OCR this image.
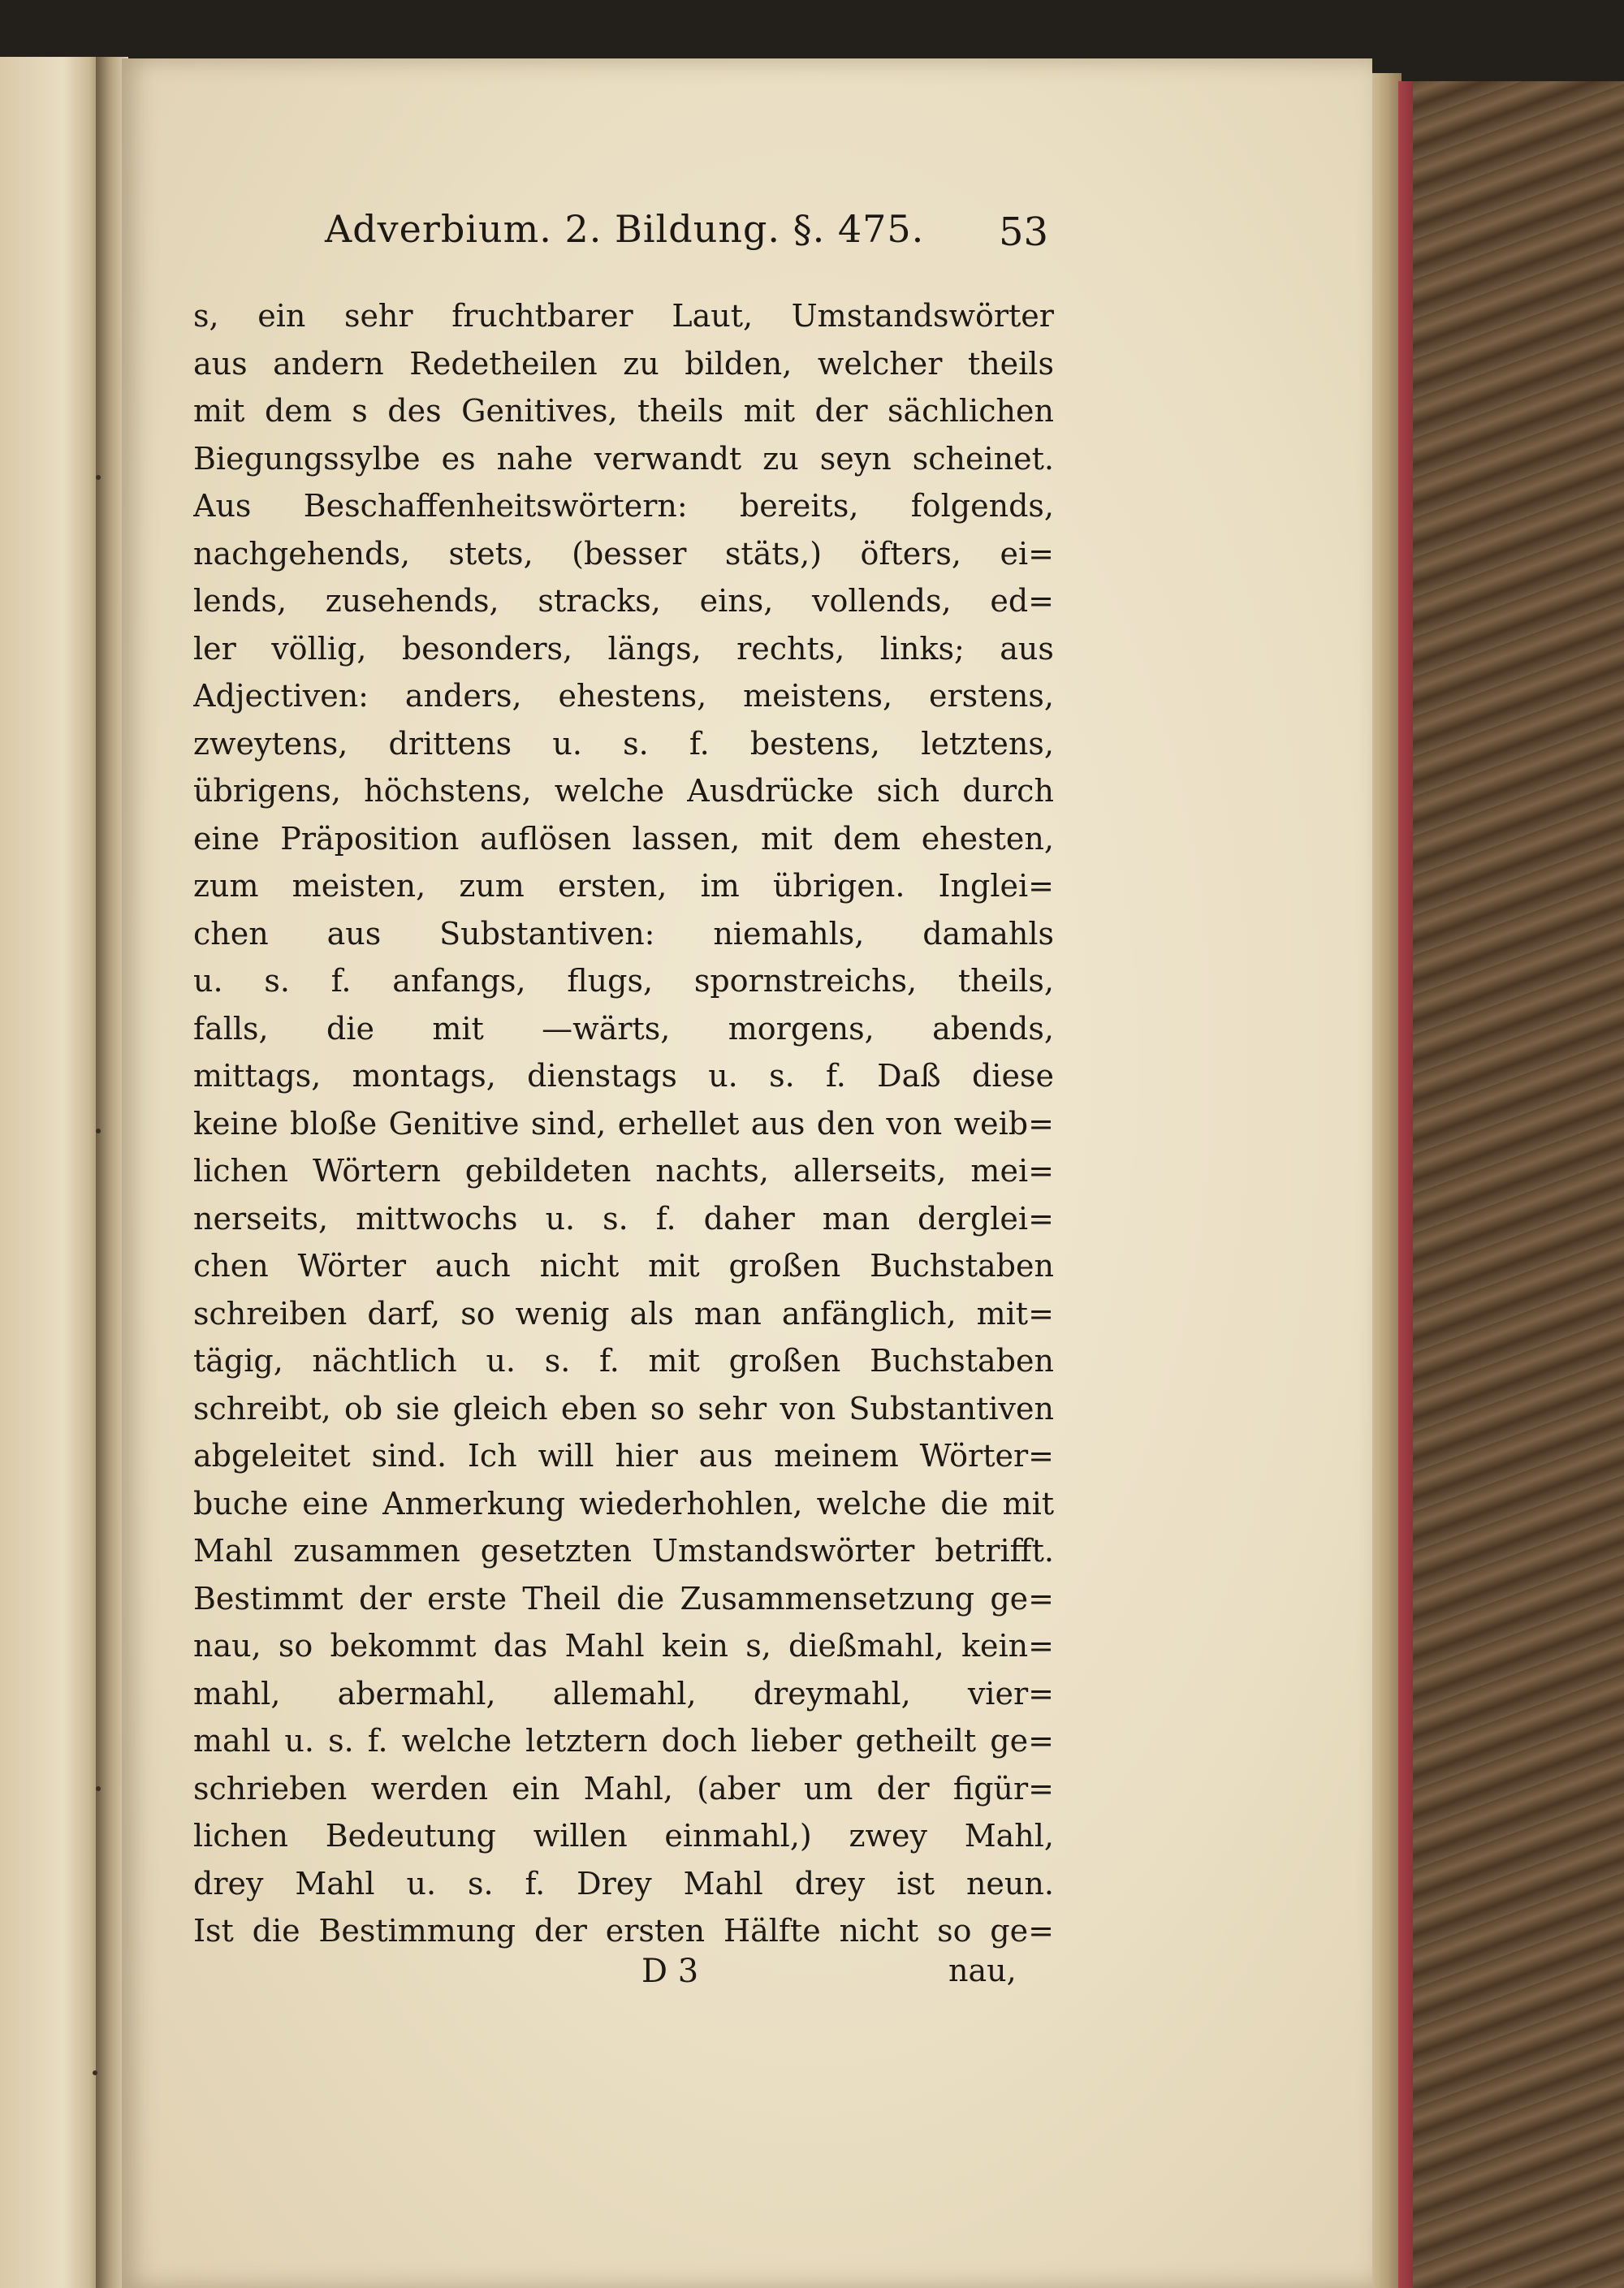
Adverbium. 2. Bildung. §. 475. 53
s, ein sehr fruchtbarer Laut, Umstandswörter
aus andern Redetheilen zu bilden, welcher theils
mit dem s des Genitives, theils mit der sächlichen
Biegungssylbe es nahe verwandt zu seyn scheinet.
Aus Beschaffenheitswörtern: bereits, folgends,
nachgehends, stets, (besser stäts,) öfters, ei=
lends, zusehends, stracks, eins, vollends, ed=
ler völlig, besonders, längs, rechts, links; aus
Adjectiven: anders, ehestens, meistens, erstens,
zweytens, drittens u. s. f. bestens, letztens,
übrigens, höchstens, welche Ausdrücke sich durch
eine Präposition auflösen lassen, mit dem ehesten,
zum meisten, zum ersten, im übrigen. Inglei=
chen aus Substantiven: niemahls, damahls
u. s. f. anfangs, flugs, spornstreichs, theils,
falls, die mit —wärts, morgens, abends,
mittags, montags, dienstags u. s. f. Daß diese
keine bloße Genitive sind, erhellet aus den von weib=
lichen Wörtern gebildeten nachts, allerseits, mei=
nerseits, mittwochs u. s. f. daher man derglei=
chen Wörter auch nicht mit großen Buchstaben
schreiben darf, so wenig als man anfänglich, mit=
tägig, nächtlich u. s. f. mit großen Buchstaben
schreibt, ob sie gleich eben so sehr von Substantiven
abgeleitet sind. Ich will hier aus meinem Wörter=
buche eine Anmerkung wiederhohlen, welche die mit
Mahl zusammen gesetzten Umstandswörter betrifft.
Bestimmt der erste Theil die Zusammensetzung ge=
nau, so bekommt das Mahl kein s, dießmahl, kein=
mahl, abermahl, allemahl, dreymahl, vier=
mahl u. s. f. welche letztern doch lieber getheilt ge=
schrieben werden ein Mahl, (aber um der figür=
lichen Bedeutung willen einmahl,) zwey Mahl,
drey Mahl u. s. f. Drey Mahl drey ist neun.
Ist die Bestimmung der ersten Hälfte nicht so ge=
D 3	nau,
